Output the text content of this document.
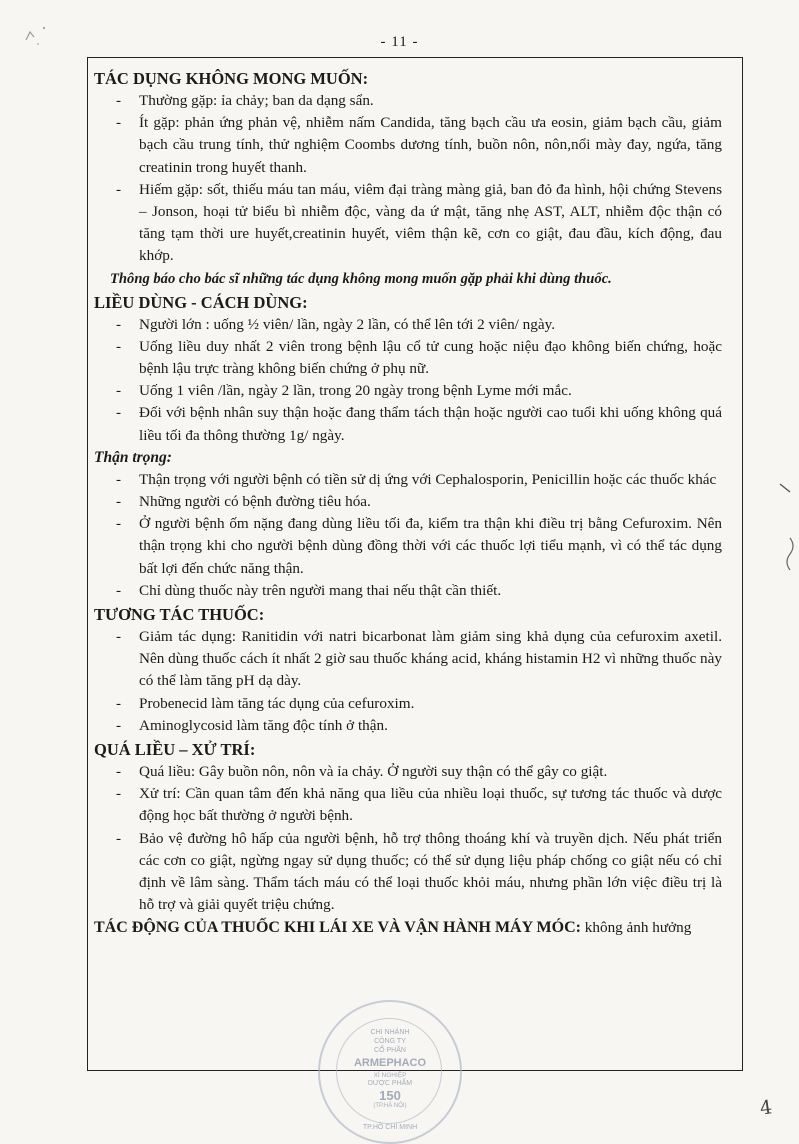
- 11 -
TÁC DỤNG KHÔNG MONG MUỐN:
- Thường gặp: ỉa chảy; ban da dạng sẩn.
- Ít gặp: phản ứng phản vệ, nhiễm nấm Candida, tăng bạch cầu ưa eosin, giảm bạch cầu, giảm bạch cầu trung tính, thử nghiệm Coombs dương tính, buồn nôn, nôn,nổi mày đay, ngứa, tăng creatinin trong huyết thanh.
- Hiếm gặp: sốt, thiếu máu tan máu, viêm đại tràng màng giả, ban đỏ đa hình, hội chứng Stevens – Jonson, hoại tử biểu bì nhiễm độc, vàng da ứ mật, tăng nhẹ AST, ALT, nhiễm độc thận có tăng tạm thời ure huyết,creatinin huyết, viêm thận kẽ, cơn co giật, đau đầu, kích động, đau khớp.
Thông báo cho bác sĩ những tác dụng không mong muốn gặp phải khi dùng thuốc.
LIỀU DÙNG - CÁCH DÙNG:
- Người lớn : uống ½ viên/ lần, ngày 2 lần, có thể lên tới 2 viên/ ngày.
- Uống liều duy nhất 2 viên trong bệnh lậu cổ tử cung hoặc niệu đạo không biến chứng, hoặc bệnh lậu trực tràng không biến chứng ở phụ nữ.
- Uống 1 viên /lần, ngày 2 lần, trong 20 ngày trong bệnh Lyme mới mắc.
- Đối với bệnh nhân suy thận hoặc đang thẩm tách thận hoặc người cao tuổi khi uống không quá liều tối đa thông thường 1g/ ngày.
Thận trọng:
- Thận trọng với người bệnh có tiền sử dị ứng với Cephalosporin, Penicillin hoặc các thuốc khác
- Những người có bệnh đường tiêu hóa.
- Ở người bệnh ốm nặng đang dùng liều tối đa, kiểm tra thận khi điều trị bằng Cefuroxim. Nên thận trọng khi cho người bệnh dùng đồng thời với các thuốc lợi tiểu mạnh, vì có thể tác dụng bất lợi đến chức năng thận.
- Chỉ dùng thuốc này trên người mang thai nếu thật cần thiết.
TƯƠNG TÁC THUỐC:
- Giảm tác dụng: Ranitidin với natri bicarbonat làm giảm sing khả dụng của cefuroxim axetil. Nên dùng thuốc cách ít nhất 2 giờ sau thuốc kháng acid, kháng histamin H2 vì những thuốc này có thể làm tăng pH dạ dày.
- Probenecid làm tăng tác dụng của cefuroxim.
- Aminoglycosid làm tăng độc tính ở thận.
QUÁ LIỀU – XỬ TRÍ:
- Quá liều: Gây buồn nôn, nôn và ỉa chảy. Ở người suy thận có thể gây co giật.
- Xử trí: Cần quan tâm đến khả năng qua liều của nhiều loại thuốc, sự tương tác thuốc và dược động học bất thường ở người bệnh.
- Bảo vệ đường hô hấp của người bệnh, hỗ trợ thông thoáng khí và truyền dịch. Nếu phát triển các cơn co giật, ngừng ngay sử dụng thuốc; có thể sử dụng liệu pháp chống co giật nếu có chỉ định về lâm sàng. Thẩm tách máu có thể loại thuốc khỏi máu, nhưng phần lớn việc điều trị là hỗ trợ và giải quyết triệu chứng.
TÁC ĐỘNG CỦA THUỐC KHI LÁI XE VÀ VẬN HÀNH MÁY MÓC: không ảnh hưởng
CHI NHÁNH
CÔNG TY
CỔ PHẦN
ARMEPHACO
XÍ NGHIỆP
DƯỢC PHẨM
150
(TP.HÀ NỘI)
TP.HỒ CHÍ MINH
4
